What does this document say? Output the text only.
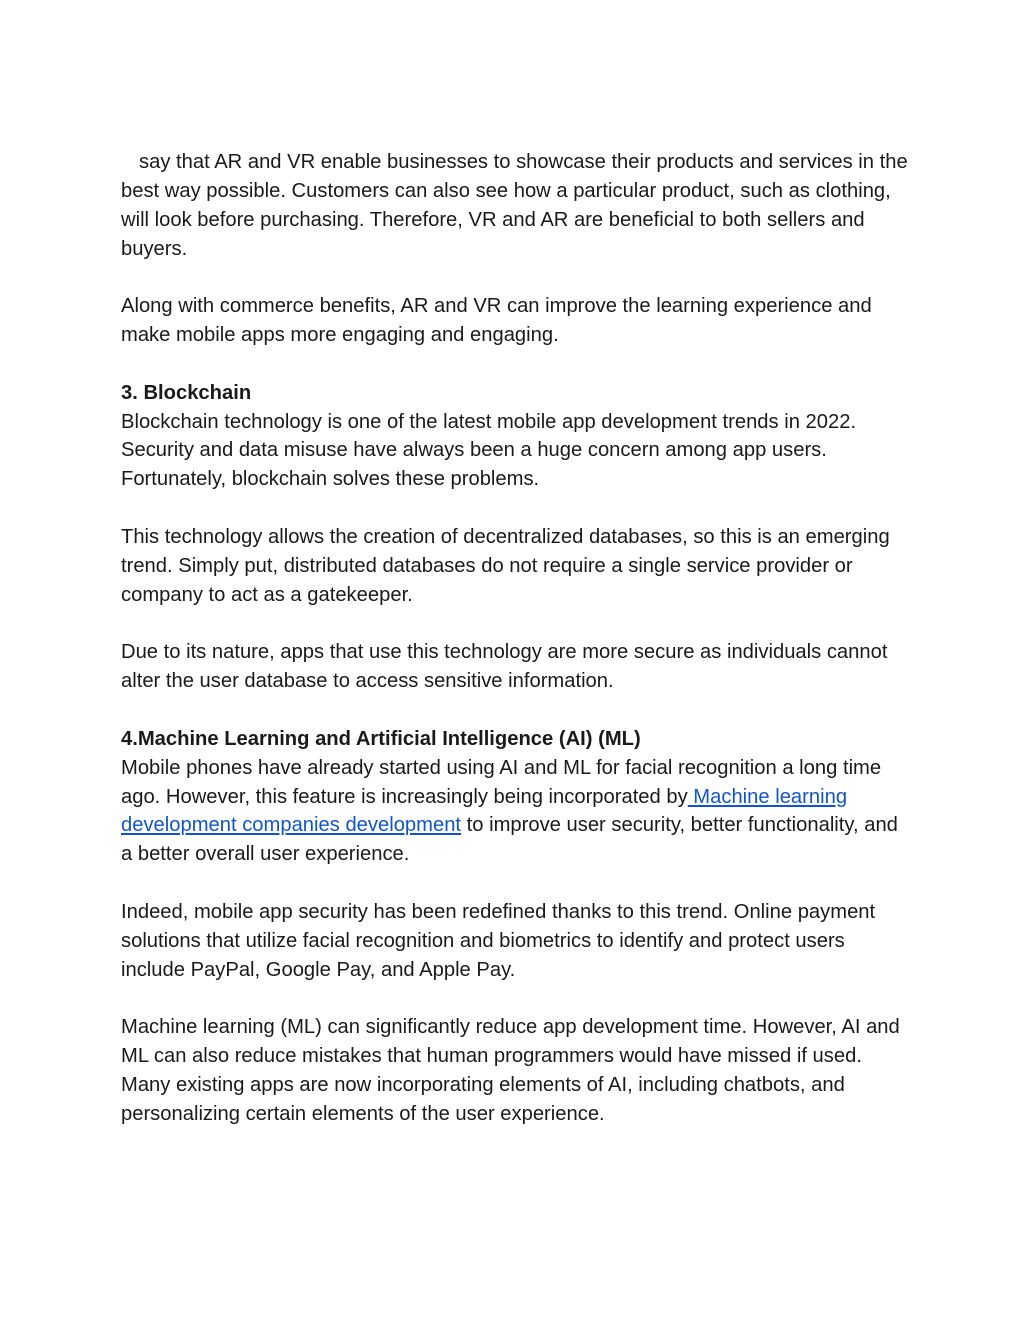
say that AR and VR enable businesses to showcase their products and services in the best way possible. Customers can also see how a particular product, such as clothing, will look before purchasing. Therefore, VR and AR are beneficial to both sellers and buyers.

Along with commerce benefits, AR and VR can improve the learning experience and make mobile apps more engaging and engaging.

3. Blockchain
Blockchain technology is one of the latest mobile app development trends in 2022. Security and data misuse have always been a huge concern among app users. Fortunately, blockchain solves these problems.

This technology allows the creation of decentralized databases, so this is an emerging trend. Simply put, distributed databases do not require a single service provider or company to act as a gatekeeper.

Due to its nature, apps that use this technology are more secure as individuals cannot alter the user database to access sensitive information.

4.Machine Learning and Artificial Intelligence (AI) (ML)
Mobile phones have already started using AI and ML for facial recognition a long time ago. However, this feature is increasingly being incorporated by Machine learning development companies development to improve user security, better functionality, and a better overall user experience.

Indeed, mobile app security has been redefined thanks to this trend. Online payment solutions that utilize facial recognition and biometrics to identify and protect users include PayPal, Google Pay, and Apple Pay.

Machine learning (ML) can significantly reduce app development time. However, AI and ML can also reduce mistakes that human programmers would have missed if used. Many existing apps are now incorporating elements of AI, including chatbots, and personalizing certain elements of the user experience.
